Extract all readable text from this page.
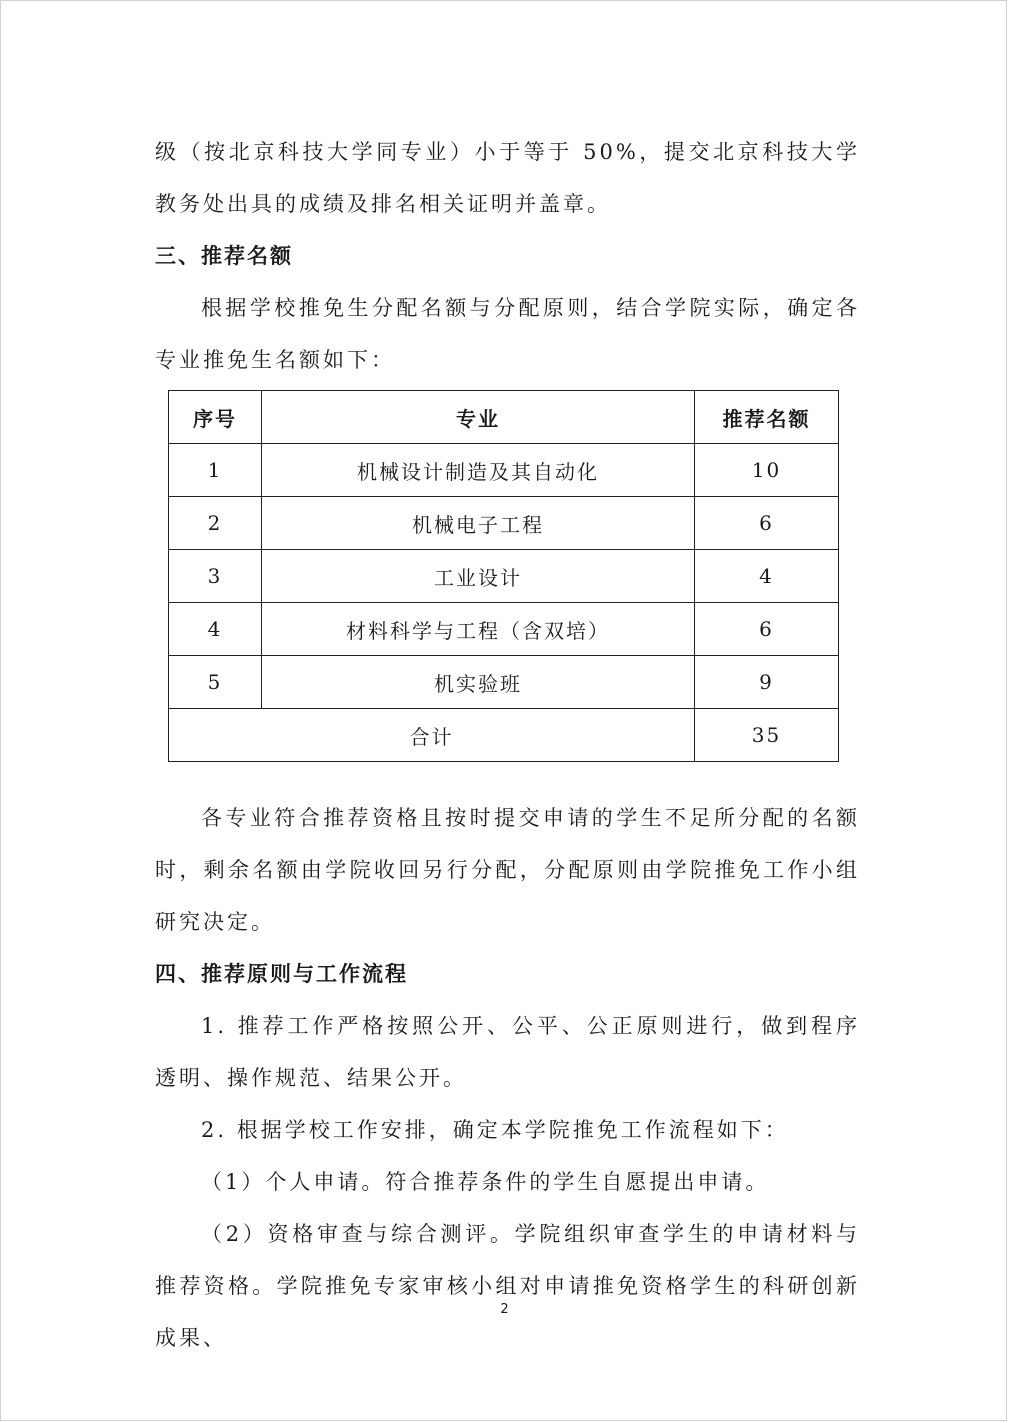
级（按北京科技大学同专业）小于等于 50%，提交北京科技大学教务处出具的成绩及排名相关证明并盖章。

三、推荐名额

根据学校推免生分配名额与分配原则，结合学院实际，确定各专业推免生名额如下：

序号	专业	推荐名额
1	机械设计制造及其自动化	10
2	机械电子工程	6
3	工业设计	4
4	材料科学与工程（含双培）	6
5	机实验班	9
合计		35

各专业符合推荐资格且按时提交申请的学生不足所分配的名额时，剩余名额由学院收回另行分配，分配原则由学院推免工作小组研究决定。

四、推荐原则与工作流程

1. 推荐工作严格按照公开、公平、公正原则进行，做到程序透明、操作规范、结果公开。

2. 根据学校工作安排，确定本学院推免工作流程如下：

（1）个人申请。符合推荐条件的学生自愿提出申请。

（2）资格审查与综合测评。学院组织审查学生的申请材料与推荐资格。学院推免专家审核小组对申请推免资格学生的科研创新成果、

2
